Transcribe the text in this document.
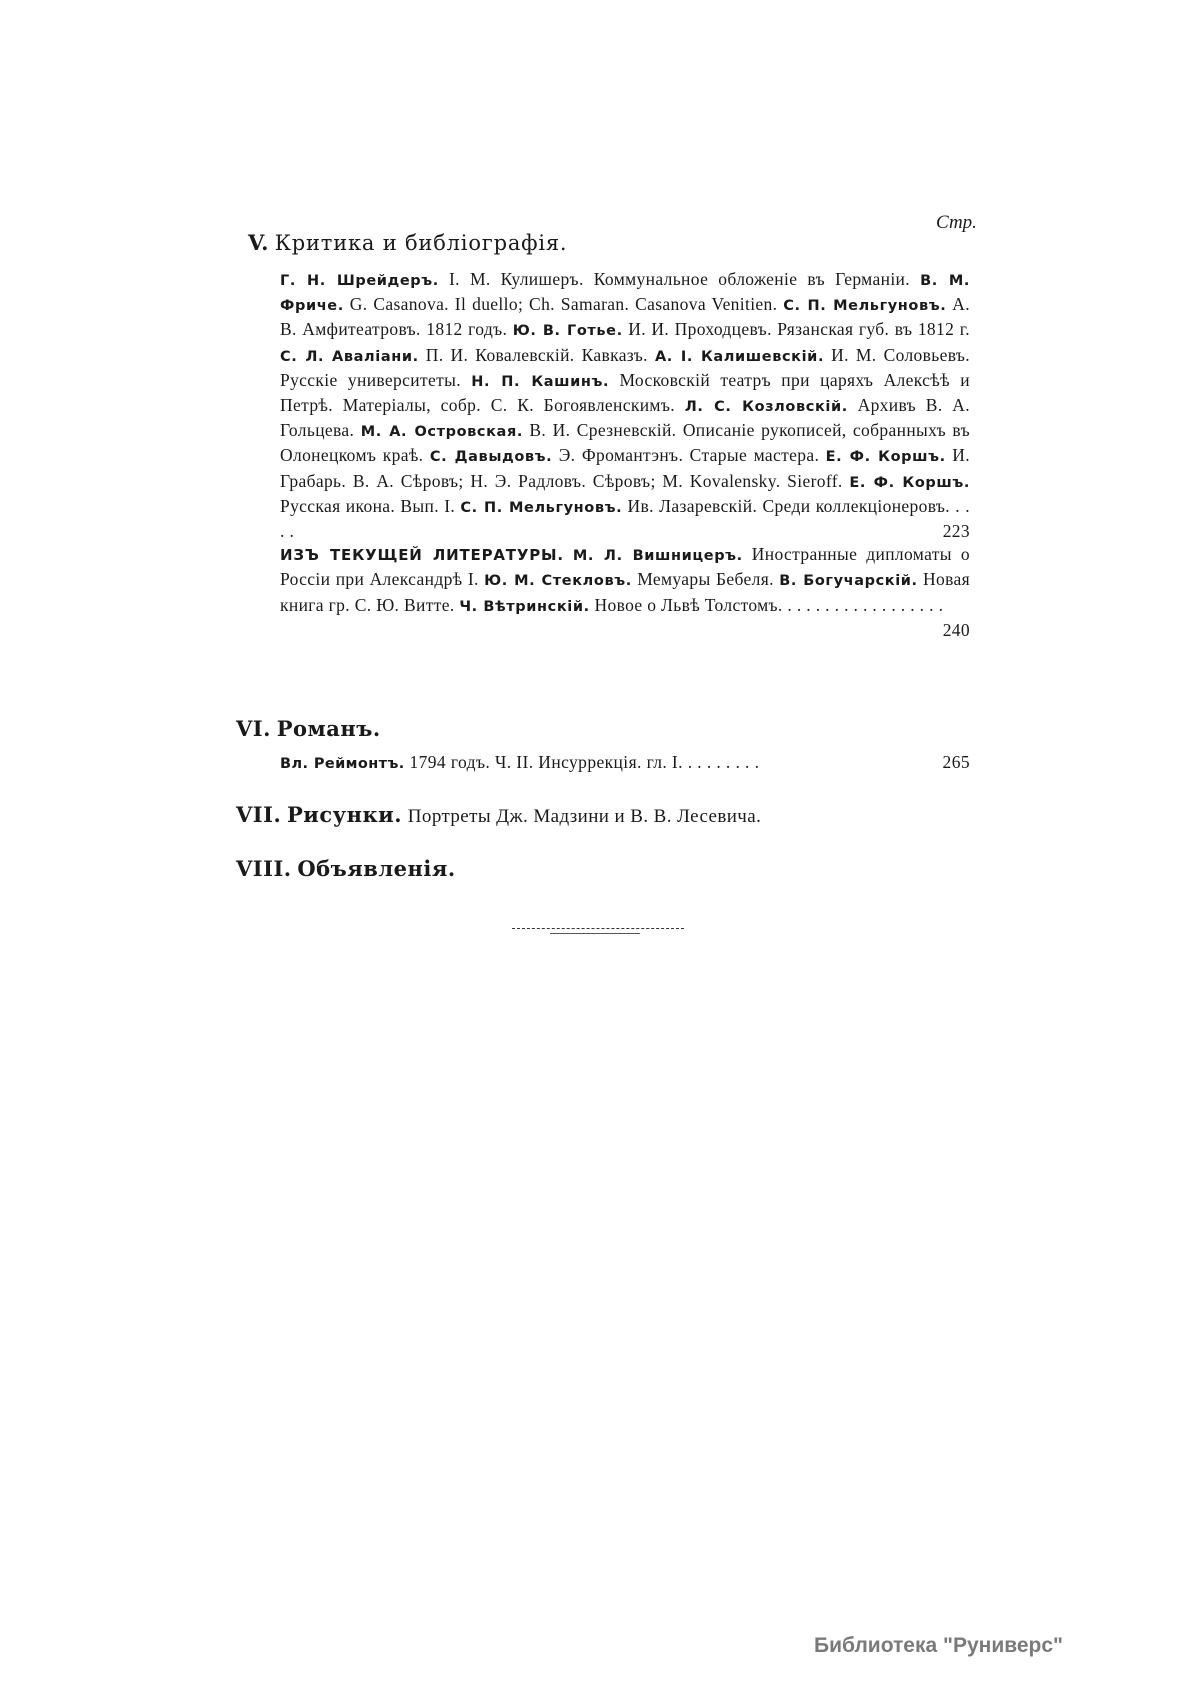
Стр.
V. Критика и библіографія.
Г. Н. Шрейдеръ. I. М. Кулишеръ. Коммунальное обложеніе въ Германіи. В. М. Фриче. G. Casanova. Il duello; Ch. Samaran. Casanova Venitien. С. П. Мельгуновъ. А. В. Амфитеатровъ. 1812 годъ. Ю. В. Готье. И. И. Проходцевъ. Рязанская губ. въ 1812 г. С. Л. Аваліани. П. И. Ковалевскій. Кавказъ. А. І. Калишевскій. И. М. Соловьевъ. Русскіе университеты. Н. П. Кашинъ. Московскій театръ при царяхъ Алексѣѣ и Петрѣ. Матеріалы, собр. С. К. Богоявленскимъ. Л. С. Козловскій. Архивъ В. А. Гольцева. М. А. Островская. В. И. Срезневскій. Описаніе рукописей, собранныхъ въ Олонецкомъ краѣ. С. Давыдовъ. Э. Фромантэнъ. Старые мастера. Е. Ф. Коршъ. И. Грабарь. В. А. Сѣровъ; Н. Э. Радловъ. Сѣровъ; M. Kovalensky. Sieroff. Е. Ф. Коршъ. Русская икона. Вып. I. С. П. Мельгуновъ. Ив. Лазаревскій. Среди коллекціонеровъ. . . . .	223
ИЗЪ ТЕКУЩЕЙ ЛИТЕРАТУРЫ. М. Л. Вишницеръ. Иностранные дипломаты о Россіи при Александрѣ I. Ю. М. Стекловъ. Мемуары Бебеля. В. Богучарскій. Новая книга гр. С. Ю. Витте. Ч. Вѣтринскій. Новое о Львѣ Толстомъ. . . . . . . . . . . . . . . . . .
240
VI. Романъ.
Вл. Реймонтъ. 1794 годъ. Ч. II. Инсуррекція. гл. I. . . . . . . . .	265
VII. Рисунки. Портреты Дж. Мадзини и В. В. Лесевича.
VIII. Объявленія.
Библиотека "Руниверс"
